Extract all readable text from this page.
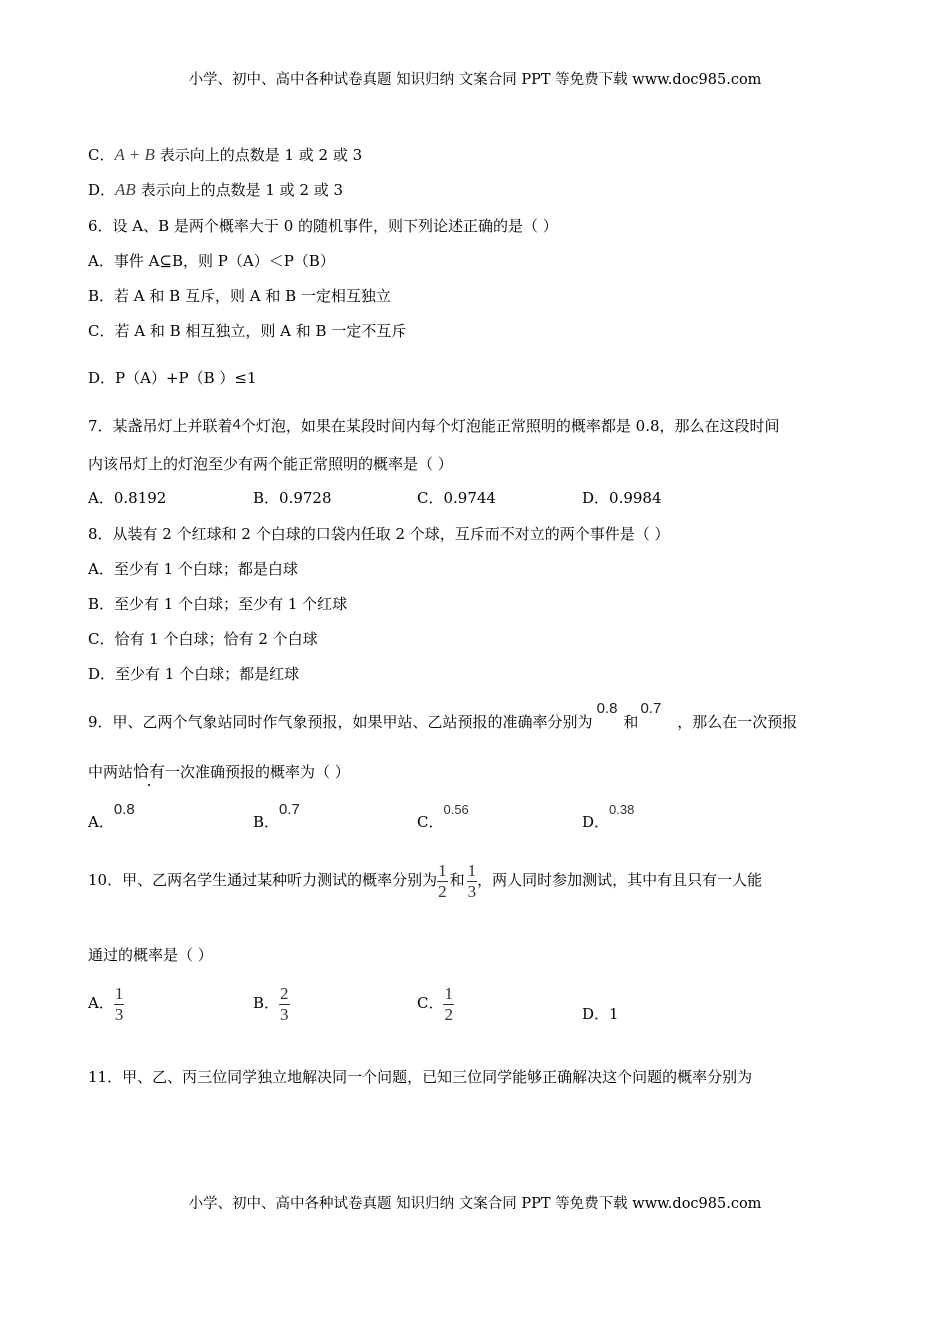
小学、初中、高中各种试卷真题 知识归纳 文案合同 PPT 等免费下载 www.doc985.com
C．A + B 表示向上的点数是 1 或 2 或 3
D．AB 表示向上的点数是 1 或 2 或 3
6．设 A、B 是两个概率大于 0 的随机事件，则下列论述正确的是（ ）
A．事件 A⊆B，则 P（A）＜P（B）
B．若 A 和 B 互斥，则 A 和 B 一定相互独立
C．若 A 和 B 相互独立，则 A 和 B 一定不互斥
D．P（A）+P（B ）≤1
7．某盏吊灯上并联着4个灯泡，如果在某段时间内每个灯泡能正常照明的概率都是 0.8，那么在这段时间
内该吊灯上的灯泡至少有两个能正常照明的概率是（ ）
A．0.8192	B．0.9728	C．0.9744	D．0.9984
8．从装有 2 个红球和 2 个白球的口袋内任取 2 个球，互斥而不对立的两个事件是（ ）
A．至少有 1 个白球；都是白球
B．至少有 1 个白球；至少有 1 个红球
C．恰有 1 个白球；恰有 2 个白球
D．至少有 1 个白球；都是红球
9．甲、乙两个气象站同时作气象预报，如果甲站、乙站预报的准确率分别为0.8和0.7，那么在一次预报
中两站恰有一次准确预报的概率为（ ）
A．0.8
B．0.7
C．0.56
D．0.38
10．甲、乙两名学生通过某种听力测试的概率分别为 $\frac{1}{2}$ 和 $\frac{1}{3}$ ，两人同时参加测试，其中有且只有一人能
通过的概率是（ ）
A． $\frac{1}{3}$	B． $\frac{2}{3}$	C． $\frac{1}{2}$	D．1
11．甲、乙、丙三位同学独立地解决同一个问题，已知三位同学能够正确解决这个问题的概率分别为
小学、初中、高中各种试卷真题 知识归纳 文案合同 PPT 等免费下载 www.doc985.com
